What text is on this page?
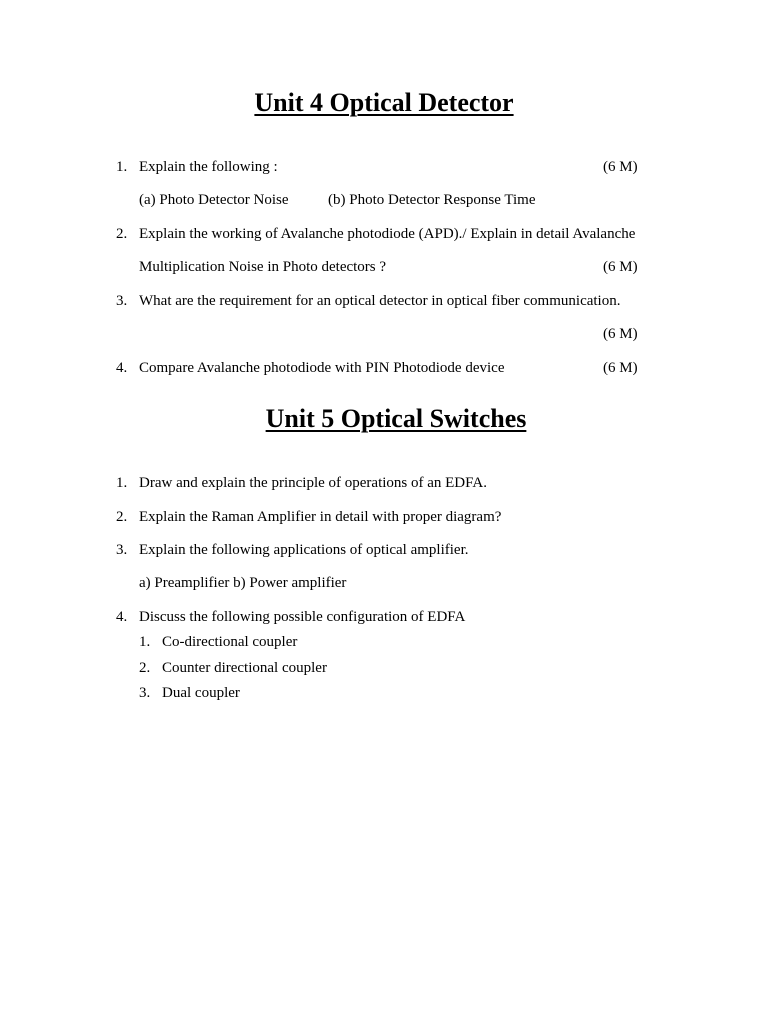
Unit 4 Optical Detector
1. Explain the following :	(6 M)
(a) Photo Detector Noise	(b) Photo Detector Response Time
2. Explain the working of Avalanche photodiode (APD)./ Explain in detail Avalanche
Multiplication Noise in Photo detectors ?	(6 M)
3. What are the requirement for an optical detector in optical fiber communication.
(6 M)
4. Compare Avalanche photodiode with PIN Photodiode device	(6 M)
Unit 5 Optical Switches
1. Draw and explain the principle of operations of an EDFA.
2. Explain the Raman Amplifier in detail with proper diagram?
3. Explain the following applications of optical amplifier.
a) Preamplifier b) Power amplifier
4. Discuss the following possible configuration of EDFA
1. Co-directional coupler
2. Counter directional coupler
3. Dual coupler
